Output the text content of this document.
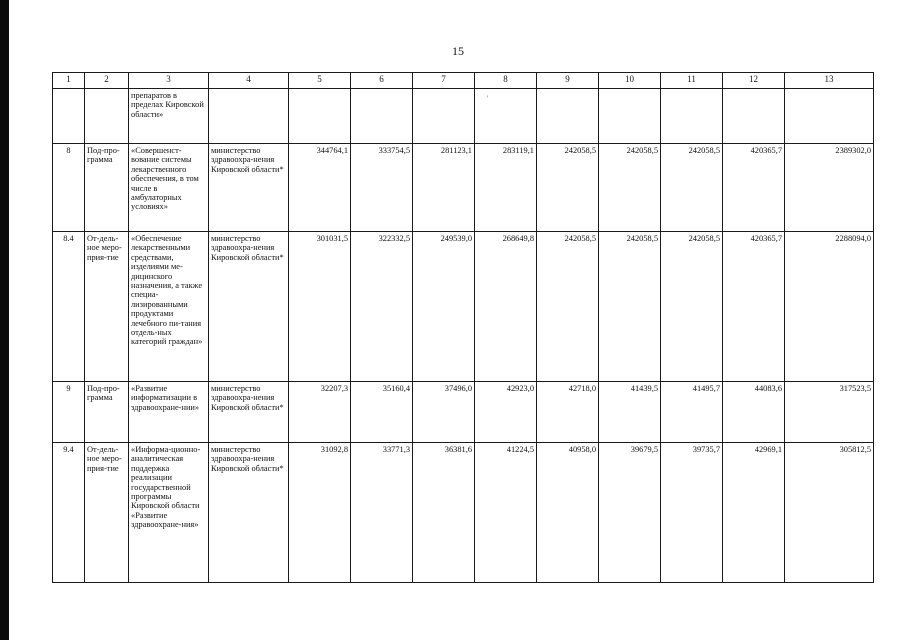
15
1	2	3	4	5	6	7	8	9	10	11	12	13
		препаратов в пределах Кировской области»										
8	Под-про-грамма	«Совершенст-вование системы лекарственного обеспечения, в том числе в амбулаторных условиях»	министерство здравоохра-нения Кировской области*	344764,1	333754,5	281123,1	283119,1	242058,5	242058,5	242058,5	420365,7	2389302,0
8.4	От-дель-ное меро-прия-тие	«Обеспечение лекарственными средствами, изделиями ме-дицинского назначения, а также специа-лизированными продуктами лечебного пи-тания отдель-ных категорий граждан»	министерство здравоохра-нения Кировской области*	301031,5	322332,5	249539,0	268649,8	242058,5	242058,5	242058,5	420365,7	2288094,0
9	Под-про-грамма	«Развитие информатизации в здравоохране-нии»	министерство здравоохра-нения Кировской области*	32207,3	35160,4	37496,0	42923,0	42718,0	41439,5	41495,7	44083,6	317523,5
9.4	От-дель-ное меро-прия-тие	«Информа-ционно-аналитическая поддержка реализации государственной программы Кировской области «Развитие здравоохране-ния»	министерство здравоохра-нения Кировской области*	31092,8	33771,3	36381,6	41224,5	40958,0	39679,5	39735,7	42969,1	305812,5
'
